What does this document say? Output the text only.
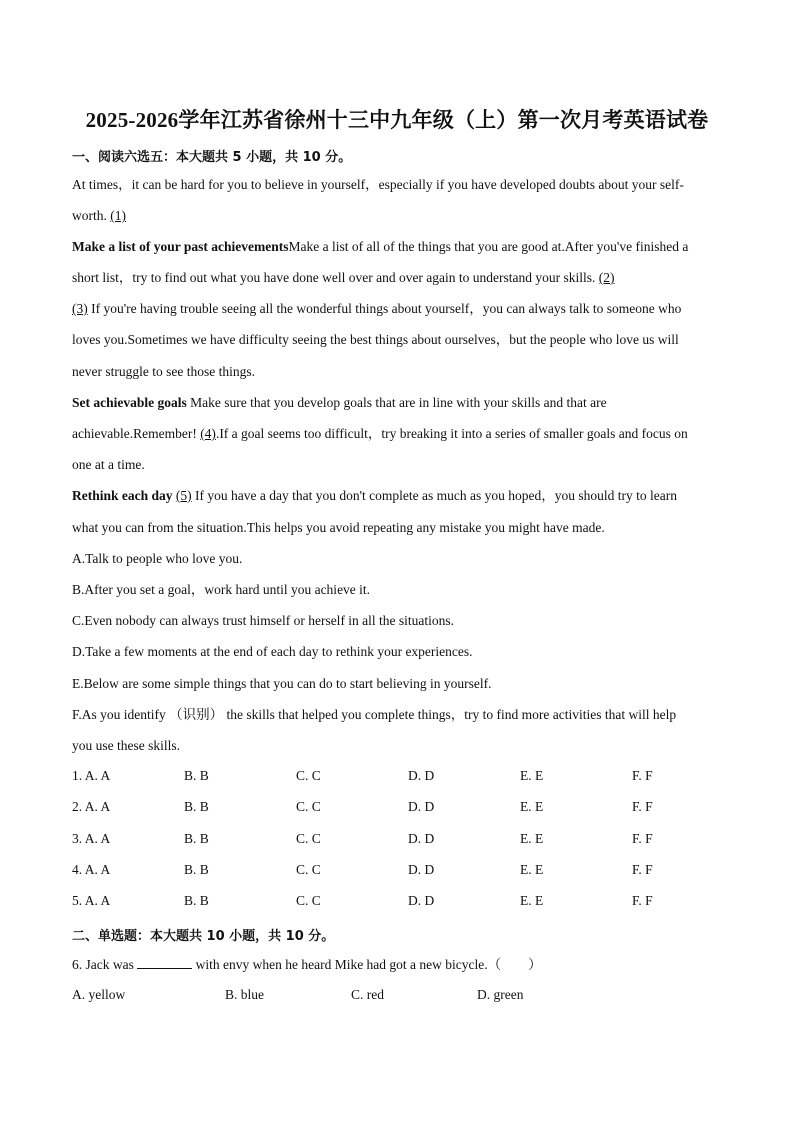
2025-2026学年江苏省徐州十三中九年级（上）第一次月考英语试卷
一、阅读六选五：本大题共 5 小题，共 10 分。
At times，it can be hard for you to believe in yourself，especially if you have developed doubts about your self-
worth. (1)
Make a list of your past achievementsMake a list of all of the things that you are good at.After you've finished a
short list，try to find out what you have done well over and over again to understand your skills. (2)
(3) If you're having trouble seeing all the wonderful things about yourself，you can always talk to someone who
loves you.Sometimes we have difficulty seeing the best things about ourselves，but the people who love us will
never struggle to see those things.
Set achievable goals Make sure that you develop goals that are in line with your skills and that are
achievable.Remember! (4).If a goal seems too difficult，try breaking it into a series of smaller goals and focus on
one at a time.
Rethink each day (5) If you have a day that you don't complete as much as you hoped，you should try to learn
what you can from the situation.This helps you avoid repeating any mistake you might have made.
A.Talk to people who love you.
B.After you set a goal，work hard until you achieve it.
C.Even nobody can always trust himself or herself in all the situations.
D.Take a few moments at the end of each day to rethink your experiences.
E.Below are some simple things that you can do to start believing in yourself.
F.As you identify （识别） the skills that helped you complete things，try to find more activities that will help
you use these skills.
1. A. A	B. B	C. C	D. D	E. E	F. F
2. A. A	B. B	C. C	D. D	E. E	F. F
3. A. A	B. B	C. C	D. D	E. E	F. F
4. A. A	B. B	C. C	D. D	E. E	F. F
5. A. A	B. B	C. C	D. D	E. E	F. F
二、单选题：本大题共 10 小题，共 10 分。
6. Jack was	with envy when he heard Mike had got a new bicycle.（　　）
A. yellow	B. blue	C. red	D. green
